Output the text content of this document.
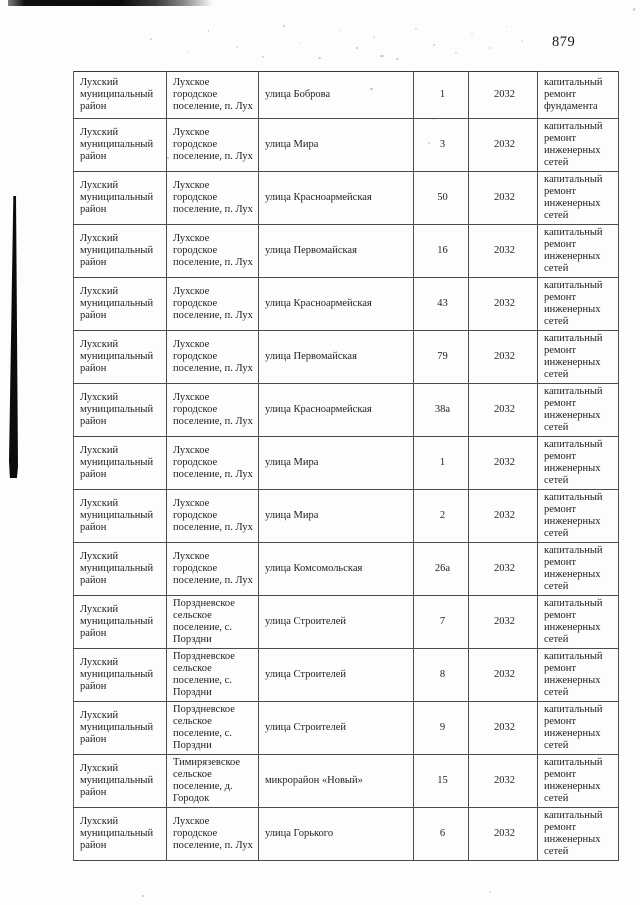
879
Лухский муниципальный район	Лухское городское поселение, п. Лух	улица Боброва	1	2032	капитальный ремонт фундамента
Лухский муниципальный район	Лухское городское поселение, п. Лух	улица Мира	3	2032	капитальный ремонт инженерных сетей
Лухский муниципальный район	Лухское городское поселение, п. Лух	улица Красноармейская	50	2032	капитальный ремонт инженерных сетей
Лухский муниципальный район	Лухское городское поселение, п. Лух	улица Первомайская	16	2032	капитальный ремонт инженерных сетей
Лухский муниципальный район	Лухское городское поселение, п. Лух	улица Красноармейская	43	2032	капитальный ремонт инженерных сетей
Лухский муниципальный район	Лухское городское поселение, п. Лух	улица Первомайская	79	2032	капитальный ремонт инженерных сетей
Лухский муниципальный район	Лухское городское поселение, п. Лух	улица Красноармейская	38а	2032	капитальный ремонт инженерных сетей
Лухский муниципальный район	Лухское городское поселение, п. Лух	улица Мира	1	2032	капитальный ремонт инженерных сетей
Лухский муниципальный район	Лухское городское поселение, п. Лух	улица Мира	2	2032	капитальный ремонт инженерных сетей
Лухский муниципальный район	Лухское городское поселение, п. Лух	улица Комсомольская	26а	2032	капитальный ремонт инженерных сетей
Лухский муниципальный район	Порздневское сельское поселение, с. Порздни	улица Строителей	7	2032	капитальный ремонт инженерных сетей
Лухский муниципальный район	Порздневское сельское поселение, с. Порздни	улица Строителей	8	2032	капитальный ремонт инженерных сетей
Лухский муниципальный район	Порздневское сельское поселение, с. Порздни	улица Строителей	9	2032	капитальный ремонт инженерных сетей
Лухский муниципальный район	Тимирязевское сельское поселение, д. Городок	микрорайон «Новый»	15	2032	капитальный ремонт инженерных сетей
Лухский муниципальный район	Лухское городское поселение, п. Лух	улица Горького	6	2032	капитальный ремонт инженерных сетей
